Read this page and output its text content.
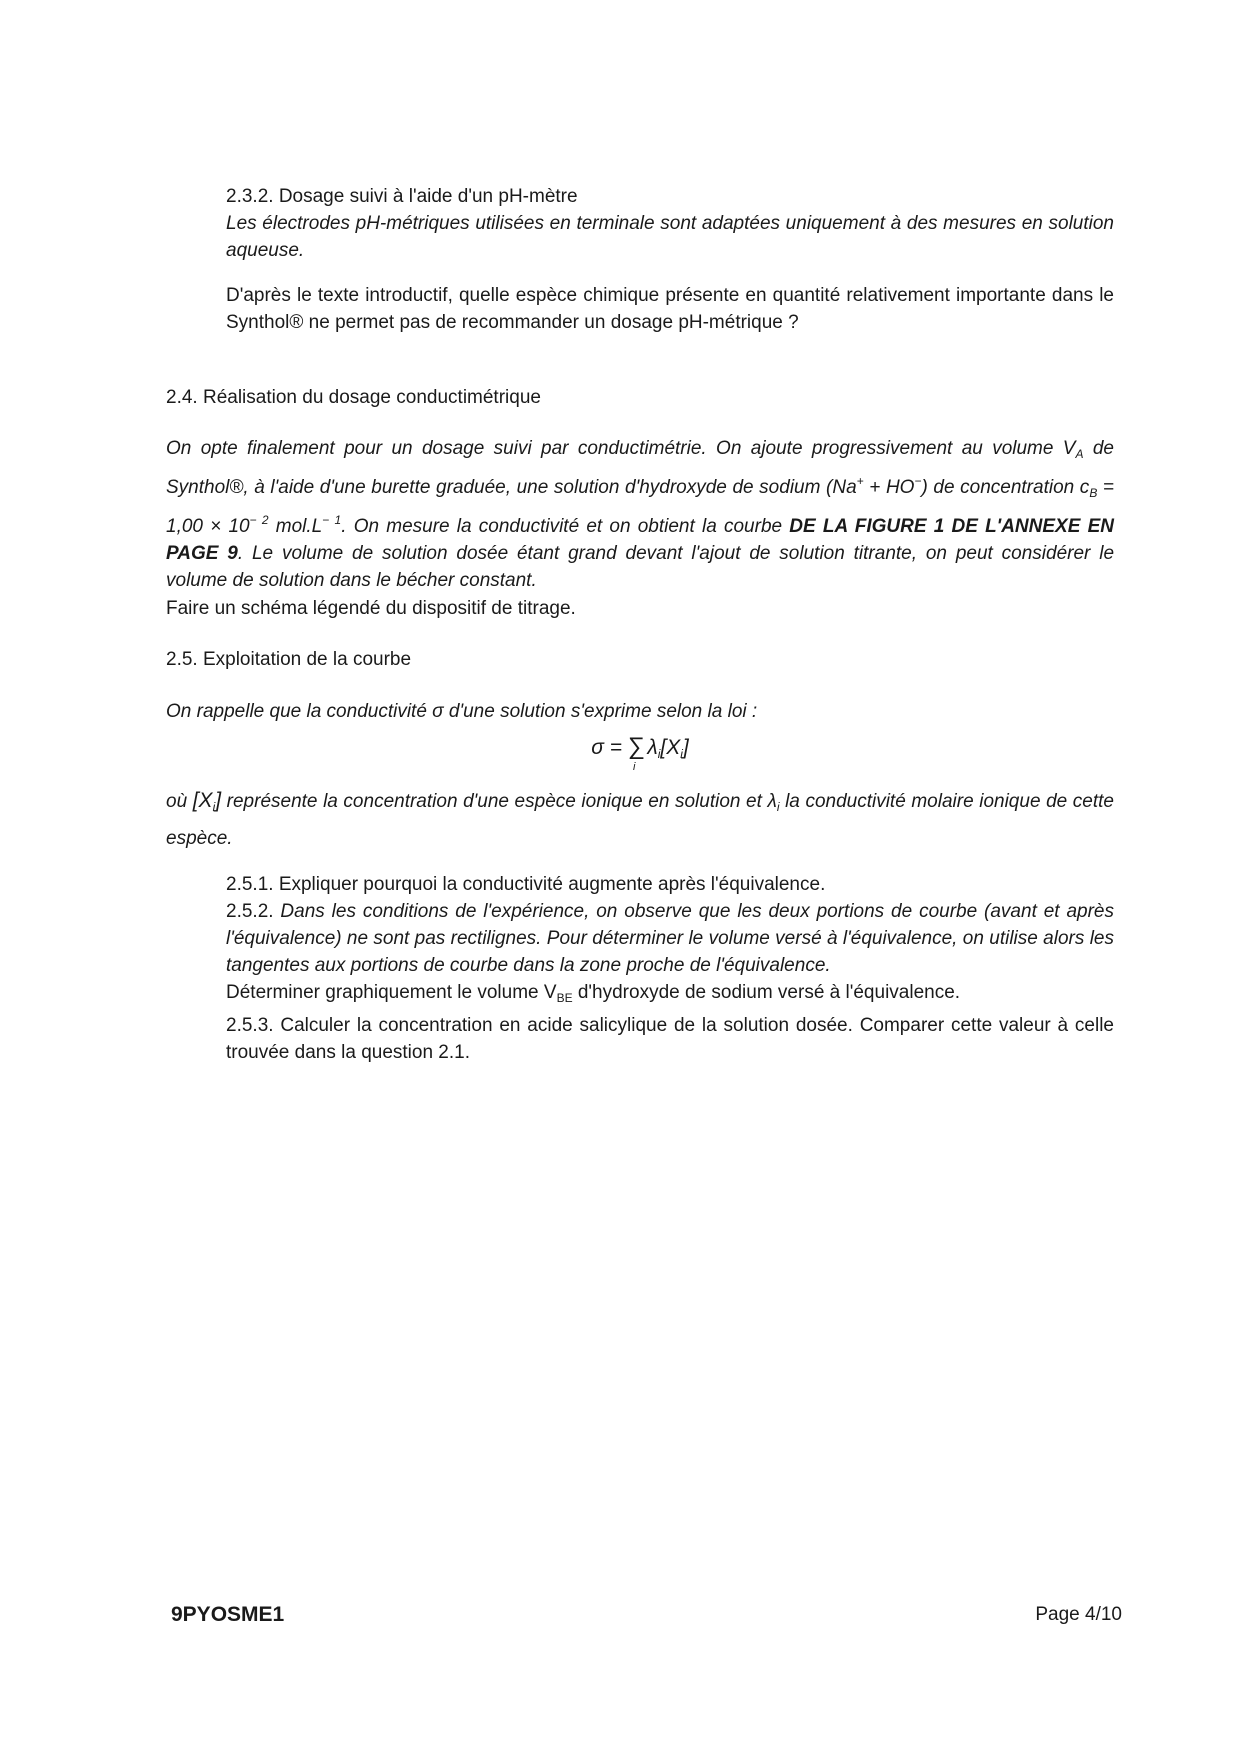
2.3.2. Dosage suivi à l'aide d'un pH-mètre

Les électrodes pH-métriques utilisées en terminale sont adaptées uniquement à des mesures en solution aqueuse.

D'après le texte introductif, quelle espèce chimique présente en quantité relativement importante dans le Synthol® ne permet pas de recommander un dosage pH-métrique ?

2.4. Réalisation du dosage conductimétrique

On opte finalement pour un dosage suivi par conductimétrie. On ajoute progressivement au volume $V_A$ de Synthol®, à l'aide d'une burette graduée, une solution d'hydroxyde de sodium (Na+ + HO−) de concentration $c_B = 1,00 \times 10^{- 2}$ $mol.L^{- 1}$. On mesure la conductivité et on obtient la courbe DE LA FIGURE 1 DE L'ANNEXE EN PAGE 9. Le volume de solution dosée étant grand devant l'ajout de solution titrante, on peut considérer le volume de solution dans le bécher constant.

Faire un schéma légendé du dispositif de titrage.

2.5. Exploitation de la courbe

On rappelle que la conductivité σ d'une solution s'exprime selon la loi :

$\sigma = \sum_i\lambda_i[X_i]$

où $[X_i]$ représente la concentration d'une espèce ionique en solution et $\lambda_i$ la conductivité molaire ionique de cette espèce.

2.5.1. Expliquer pourquoi la conductivité augmente après l'équivalence.

2.5.2. Dans les conditions de l'expérience, on observe que les deux portions de courbe (avant et après l'équivalence) ne sont pas rectilignes. Pour déterminer le volume versé à l'équivalence, on utilise alors les tangentes aux portions de courbe dans la zone proche de l'équivalence.

Déterminer graphiquement le volume $V_{BE}$ d'hydroxyde de sodium versé à l'équivalence.

2.5.3. Calculer la concentration en acide salicylique de la solution dosée. Comparer cette valeur à celle trouvée dans la question 2.1.

9PYOSME1	Page 4/10
